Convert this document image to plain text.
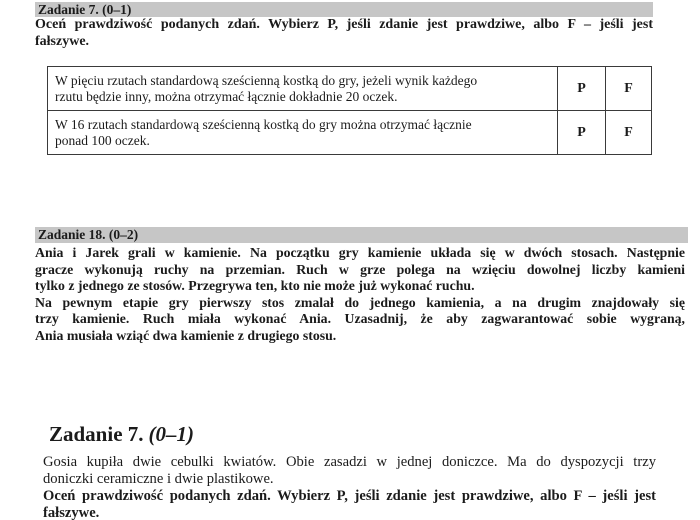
Zadanie 7. (0–1)
Oceń prawdziwość podanych zdań. Wybierz P, jeśli zdanie jest prawdziwe, albo F – jeśli jest
fałszywe.
W pięciu rzutach standardową sześcienną kostką do gry, jeżeli wynik każdego
rzutu będzie inny, można otrzymać łącznie dokładnie 20 oczek.	P	F

W 16 rzutach standardową sześcienną kostką do gry można otrzymać łącznie
ponad 100 oczek.	P	F
Zadanie 18. (0–2)
Ania i Jarek grali w kamienie. Na początku gry kamienie układa się w dwóch stosach. Następnie
gracze wykonują ruchy na przemian. Ruch w grze polega na wzięciu dowolnej liczby kamieni
tylko z jednego ze stosów. Przegrywa ten, kto nie może już wykonać ruchu.
Na pewnym etapie gry pierwszy stos zmalał do jednego kamienia, a na drugim znajdowały się
trzy kamienie. Ruch miała wykonać Ania. Uzasadnij, że aby zagwarantować sobie wygraną,
Ania musiała wziąć dwa kamienie z drugiego stosu.
Zadanie 7. (0–1)
Gosia kupiła dwie cebulki kwiatów. Obie zasadzi w jednej doniczce. Ma do dyspozycji trzy
doniczki ceramiczne i dwie plastikowe.
Oceń prawdziwość podanych zdań. Wybierz P, jeśli zdanie jest prawdziwe, albo F – jeśli jest
fałszywe.
